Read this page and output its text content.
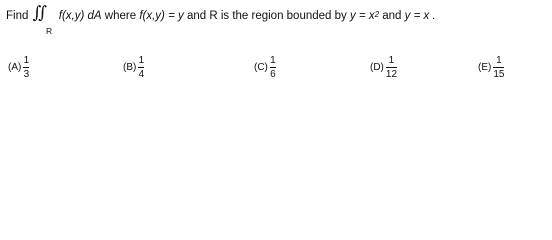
Find ∬ f(x,y) dA where f(x,y) = y and R is the region bounded by $y = x^2$ and y = x .
R
$(A) \frac{1}{3}$	$(B) \frac{1}{4}$	$(C) \frac{1}{6}$	$(D) \frac{1}{12}$	$(E) \frac{1}{15}$
